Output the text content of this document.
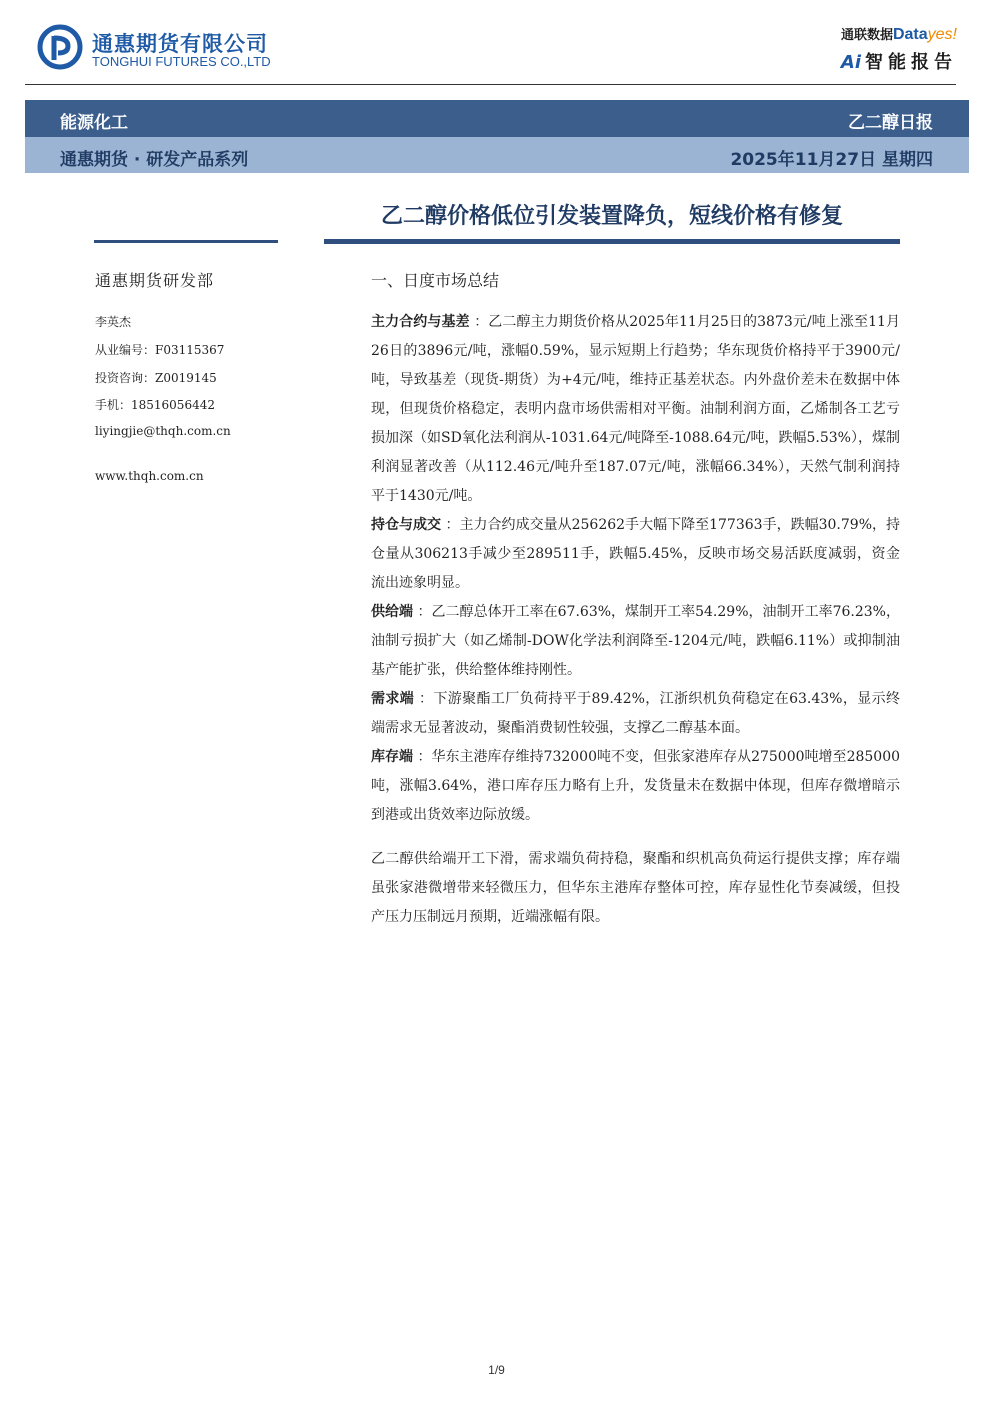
通惠期货有限公司
TONGHUI FUTURES CO.,LTD
通联数据Datayes!
Ai 智能报告
能源化工	乙二醇日报
通惠期货 · 研发产品系列	2025年11月27日 星期四
乙二醇价格低位引发装置降负，短线价格有修复
通惠期货研发部
李英杰
从业编号：F03115367
投资咨询：Z0019145
手机：18516056442
liyingjie@thqh.com.cn
www.thqh.com.cn
一、日度市场总结

主力合约与基差 ：乙二醇主力期货价格从2025年11月25日的3873元/吨上涨至11月26日的3896元/吨，涨幅0.59%，显示短期上行趋势；华东现货价格持平于3900元/吨，导致基差（现货-期货）为+4元/吨，维持正基差状态。内外盘价差未在数据中体现，但现货价格稳定，表明内盘市场供需相对平衡。油制利润方面，乙烯制各工艺亏损加深（如SD氧化法利润从-1031.64元/吨降至-1088.64元/吨，跌幅5.53%），煤制利润显著改善（从112.46元/吨升至187.07元/吨，涨幅66.34%），天然气制利润持平于1430元/吨。

持仓与成交 ：主力合约成交量从256262手大幅下降至177363手，跌幅30.79%，持仓量从306213手减少至289511手，跌幅5.45%，反映市场交易活跃度减弱，资金流出迹象明显。

供给端 ：乙二醇总体开工率在67.63%，煤制开工率54.29%，油制开工率76.23%，油制亏损扩大（如乙烯制-DOW化学法利润降至-1204元/吨，跌幅6.11%）或抑制油基产能扩张，供给整体维持刚性。

需求端 ：下游聚酯工厂负荷持平于89.42%，江浙织机负荷稳定在63.43%，显示终端需求无显著波动，聚酯消费韧性较强，支撑乙二醇基本面。

库存端 ：华东主港库存维持732000吨不变，但张家港库存从275000吨增至285000吨，涨幅3.64%，港口库存压力略有上升，发货量未在数据中体现，但库存微增暗示到港或出货效率边际放缓。

乙二醇供给端开工下滑，需求端负荷持稳，聚酯和织机高负荷运行提供支撑；库存端虽张家港微增带来轻微压力，但华东主港库存整体可控，库存显性化节奏减缓，但投产压力压制远月预期，近端涨幅有限。

1/9
